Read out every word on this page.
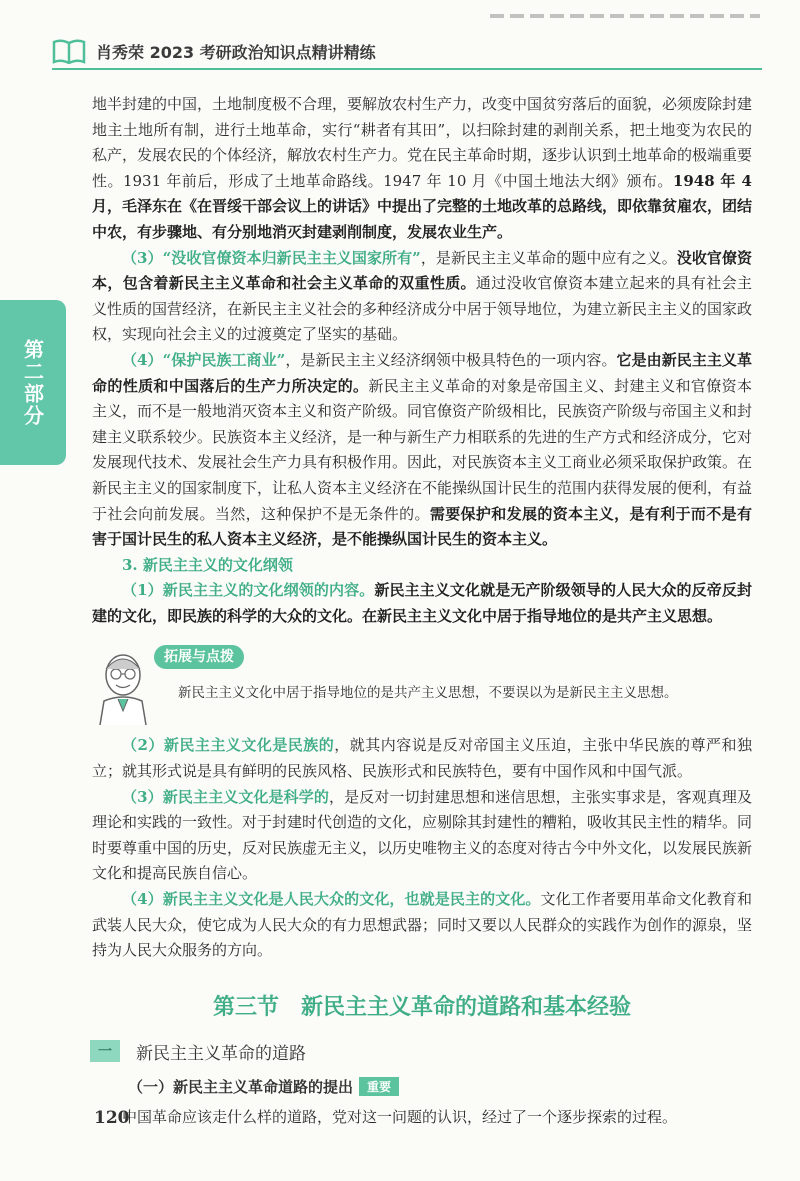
肖秀荣 2023 考研政治知识点精讲精练
第二部分

地半封建的中国，土地制度极不合理，要解放农村生产力，改变中国贫穷落后的面貌，必须废除封建地主土地所有制，进行土地革命，实行“耕者有其田”，以扫除封建的剥削关系，把土地变为农民的私产，发展农民的个体经济，解放农村生产力。党在民主革命时期，逐步认识到土地革命的极端重要性。1931 年前后，形成了土地革命路线。1947 年 10 月《中国土地法大纲》颁布。1948 年 4 月，毛泽东在《在晋绥干部会议上的讲话》中提出了完整的土地改革的总路线，即依靠贫雇农，团结中农，有步骤地、有分别地消灭封建剥削制度，发展农业生产。

（3）“没收官僚资本归新民主主义国家所有”，是新民主主义革命的题中应有之义。没收官僚资本，包含着新民主主义革命和社会主义革命的双重性质。通过没收官僚资本建立起来的具有社会主义性质的国营经济，在新民主主义社会的多种经济成分中居于领导地位，为建立新民主主义的国家政权，实现向社会主义的过渡奠定了坚实的基础。

（4）“保护民族工商业”，是新民主主义经济纲领中极具特色的一项内容。它是由新民主主义革命的性质和中国落后的生产力所决定的。新民主主义革命的对象是帝国主义、封建主义和官僚资本主义，而不是一般地消灭资本主义和资产阶级。同官僚资产阶级相比，民族资产阶级与帝国主义和封建主义联系较少。民族资本主义经济，是一种与新生产力相联系的先进的生产方式和经济成分，它对发展现代技术、发展社会生产力具有积极作用。因此，对民族资本主义工商业必须采取保护政策。在新民主主义的国家制度下，让私人资本主义经济在不能操纵国计民生的范围内获得发展的便利，有益于社会向前发展。当然，这种保护不是无条件的。需要保护和发展的资本主义，是有利于而不是有害于国计民生的私人资本主义经济，是不能操纵国计民生的资本主义。

3. 新民主主义的文化纲领

（1）新民主主义的文化纲领的内容。新民主主义文化就是无产阶级领导的人民大众的反帝反封建的文化，即民族的科学的大众的文化。在新民主主义文化中居于指导地位的是共产主义思想。

拓展与点拨
新民主主义文化中居于指导地位的是共产主义思想，不要误以为是新民主主义思想。

（2）新民主主义文化是民族的，就其内容说是反对帝国主义压迫，主张中华民族的尊严和独立；就其形式说是具有鲜明的民族风格、民族形式和民族特色，要有中国作风和中国气派。

（3）新民主主义文化是科学的，是反对一切封建思想和迷信思想，主张实事求是，客观真理及理论和实践的一致性。对于封建时代创造的文化，应剔除其封建性的糟粕，吸收其民主性的精华。同时要尊重中国的历史，反对民族虚无主义，以历史唯物主义的态度对待古今中外文化，以发展民族新文化和提高民族自信心。

（4）新民主主义文化是人民大众的文化，也就是民主的文化。文化工作者要用革命文化教育和武装人民大众，使它成为人民大众的有力思想武器；同时又要以人民群众的实践作为创作的源泉，坚持为人民大众服务的方向。

第三节　新民主主义革命的道路和基本经验
一	新民主主义革命的道路
（一）新民主主义革命道路的提出	重要

中国革命应该走什么样的道路，党对这一问题的认识，经过了一个逐步探索的过程。

120
